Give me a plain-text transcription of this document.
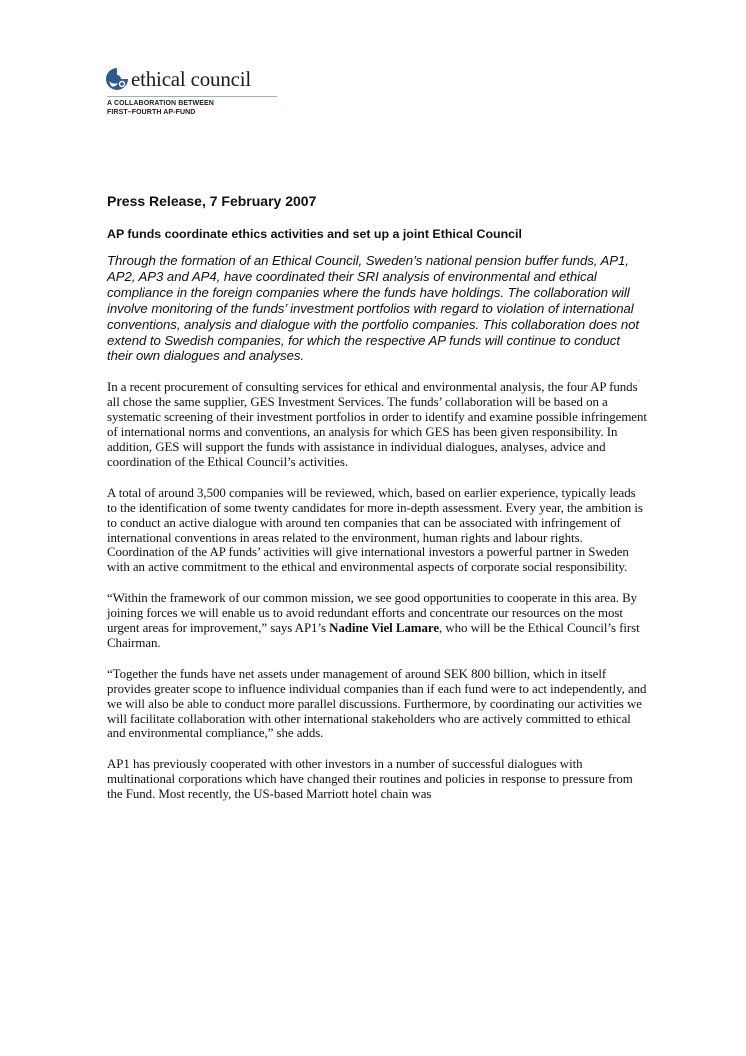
ethical council
A COLLABORATION BETWEEN
FIRST–FOURTH AP-FUND

Press Release, 7 February 2007

AP funds coordinate ethics activities and set up a joint Ethical Council

Through the formation of an Ethical Council, Sweden’s national pension buffer funds, AP1, AP2, AP3 and AP4, have coordinated their SRI analysis of environmental and ethical compliance in the foreign companies where the funds have holdings. The collaboration will involve monitoring of the funds’ investment portfolios with regard to violation of international conventions, analysis and dialogue with the portfolio companies. This collaboration does not extend to Swedish companies, for which the respective AP funds will continue to conduct their own dialogues and analyses.

In a recent procurement of consulting services for ethical and environmental analysis, the four AP funds´ all chose the same supplier, GES Investment Services. The funds’ collaboration will be based on a systematic screening of their investment portfolios in order to identify and examine possible infringement of international norms and conventions, an analysis for which GES has been given responsibility. In addition, GES will support the funds with assistance in individual dialogues, analyses, advice and coordination of the Ethical Council’s activities.

A total of around 3,500 companies will be reviewed, which, based on earlier experience, typically leads to the identification of some twenty candidates for more in-depth assessment. Every year, the ambition is to conduct an active dialogue with around ten companies that can be associated with infringement of international conventions in areas related to the environment, human rights and labour rights. Coordination of the AP funds’ activities will give international investors a powerful partner in Sweden with an active commitment to the ethical and environmental aspects of corporate social responsibility.

“Within the framework of our common mission, we see good opportunities to cooperate in this area. By joining forces we will enable us to avoid redundant efforts and concentrate our resources on the most urgent areas for improvement,” says AP1’s Nadine Viel Lamare, who will be the Ethical Council’s first Chairman.

“Together the funds have net assets under management of around SEK 800 billion, which in itself provides greater scope to influence individual companies than if each fund were to act independently, and we will also be able to conduct more parallel discussions. Furthermore, by coordinating our activities we will facilitate collaboration with other international stakeholders who are actively committed to ethical and environmental compliance,” she adds.

AP1 has previously cooperated with other investors in a number of successful dialogues with multinational corporations which have changed their routines and policies in response to pressure from the Fund. Most recently, the US-based Marriott hotel chain was
